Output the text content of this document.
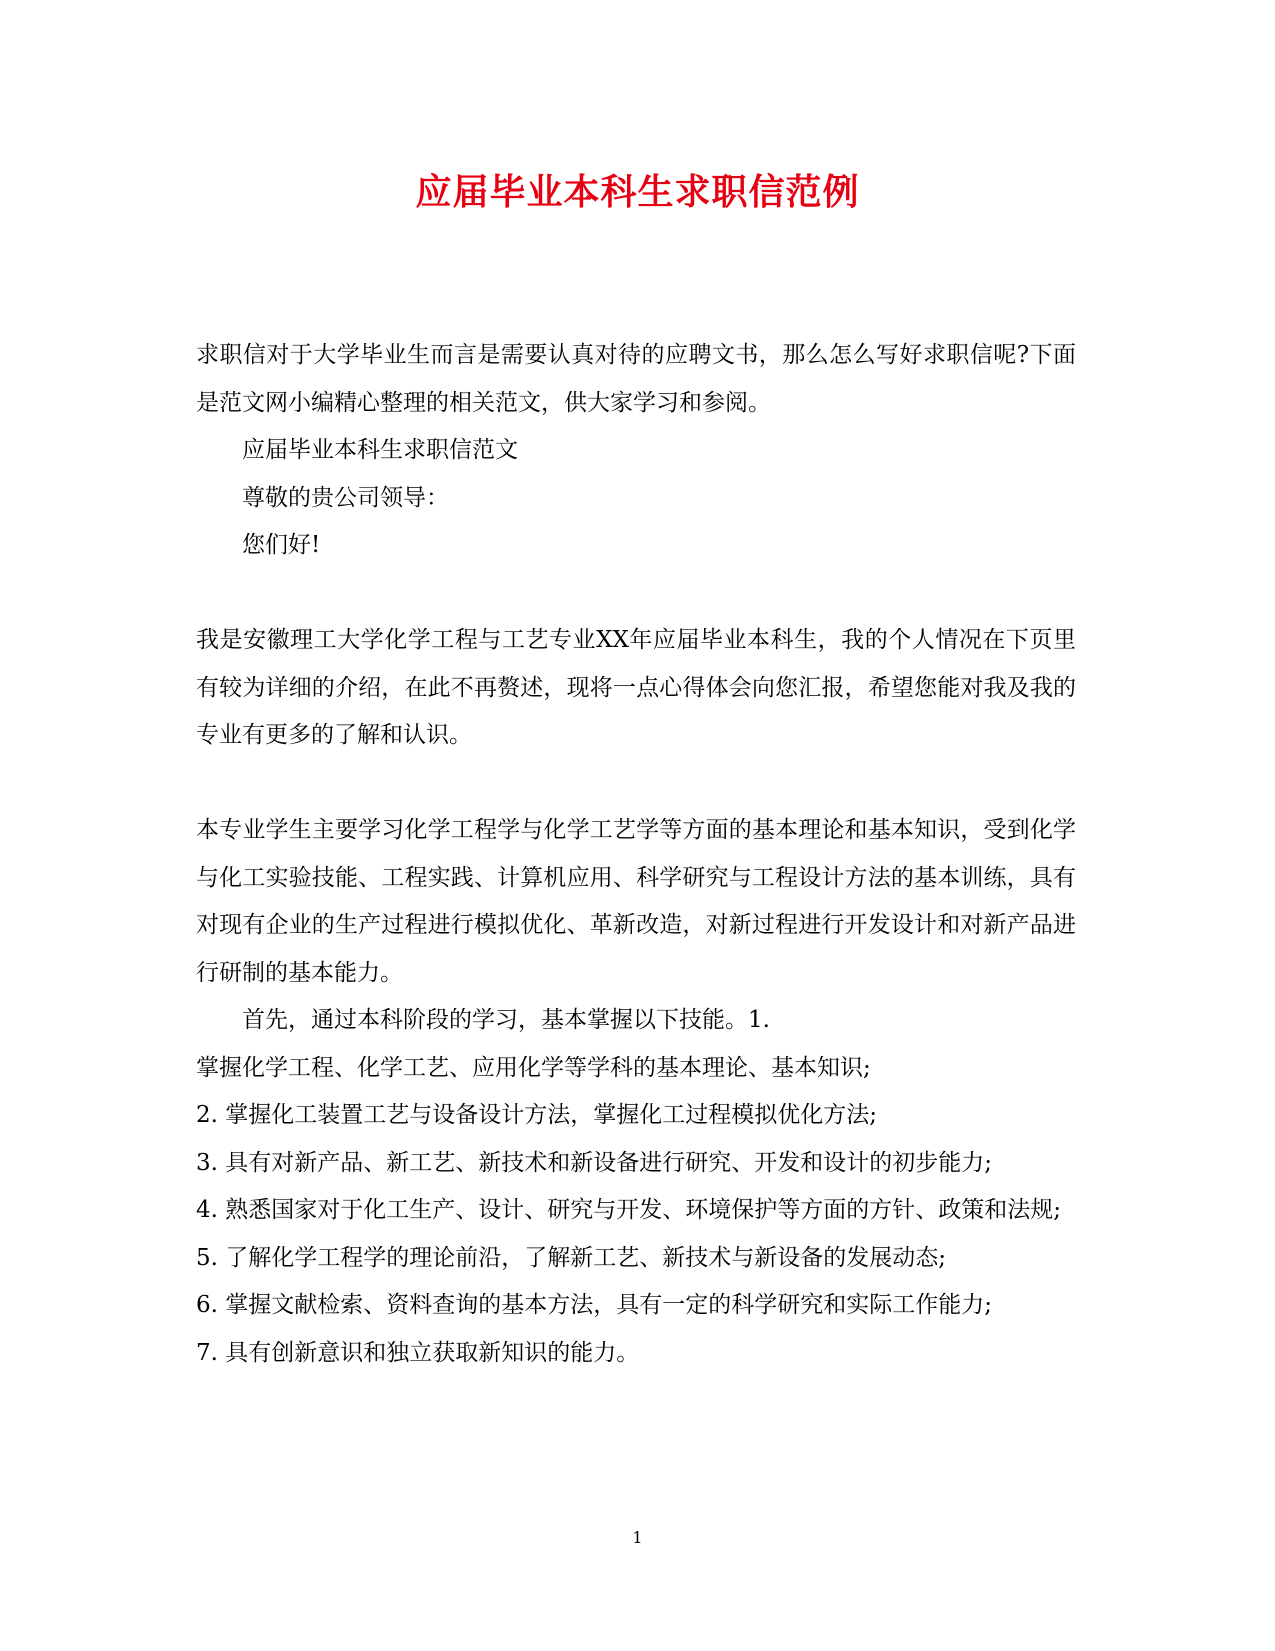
应届毕业本科生求职信范例

求职信对于大学毕业生而言是需要认真对待的应聘文书，那么怎么写好求职信呢?下面是范文网小编精心整理的相关范文，供大家学习和参阅。

应届毕业本科生求职信范文

尊敬的贵公司领导：

您们好!

我是安徽理工大学化学工程与工艺专业XX年应届毕业本科生，我的个人情况在下页里有较为详细的介绍，在此不再赘述，现将一点心得体会向您汇报，希望您能对我及我的专业有更多的了解和认识。

本专业学生主要学习化学工程学与化学工艺学等方面的基本理论和基本知识，受到化学与化工实验技能、工程实践、计算机应用、科学研究与工程设计方法的基本训练，具有对现有企业的生产过程进行模拟优化、革新改造，对新过程进行开发设计和对新产品进行研制的基本能力。

首先，通过本科阶段的学习，基本掌握以下技能。1.

掌握化学工程、化学工艺、应用化学等学科的基本理论、基本知识;

2. 掌握化工装置工艺与设备设计方法，掌握化工过程模拟优化方法;

3. 具有对新产品、新工艺、新技术和新设备进行研究、开发和设计的初步能力;

4. 熟悉国家对于化工生产、设计、研究与开发、环境保护等方面的方针、政策和法规;

5. 了解化学工程学的理论前沿，了解新工艺、新技术与新设备的发展动态;

6. 掌握文献检索、资料查询的基本方法，具有一定的科学研究和实际工作能力;

7. 具有创新意识和独立获取新知识的能力。

1
